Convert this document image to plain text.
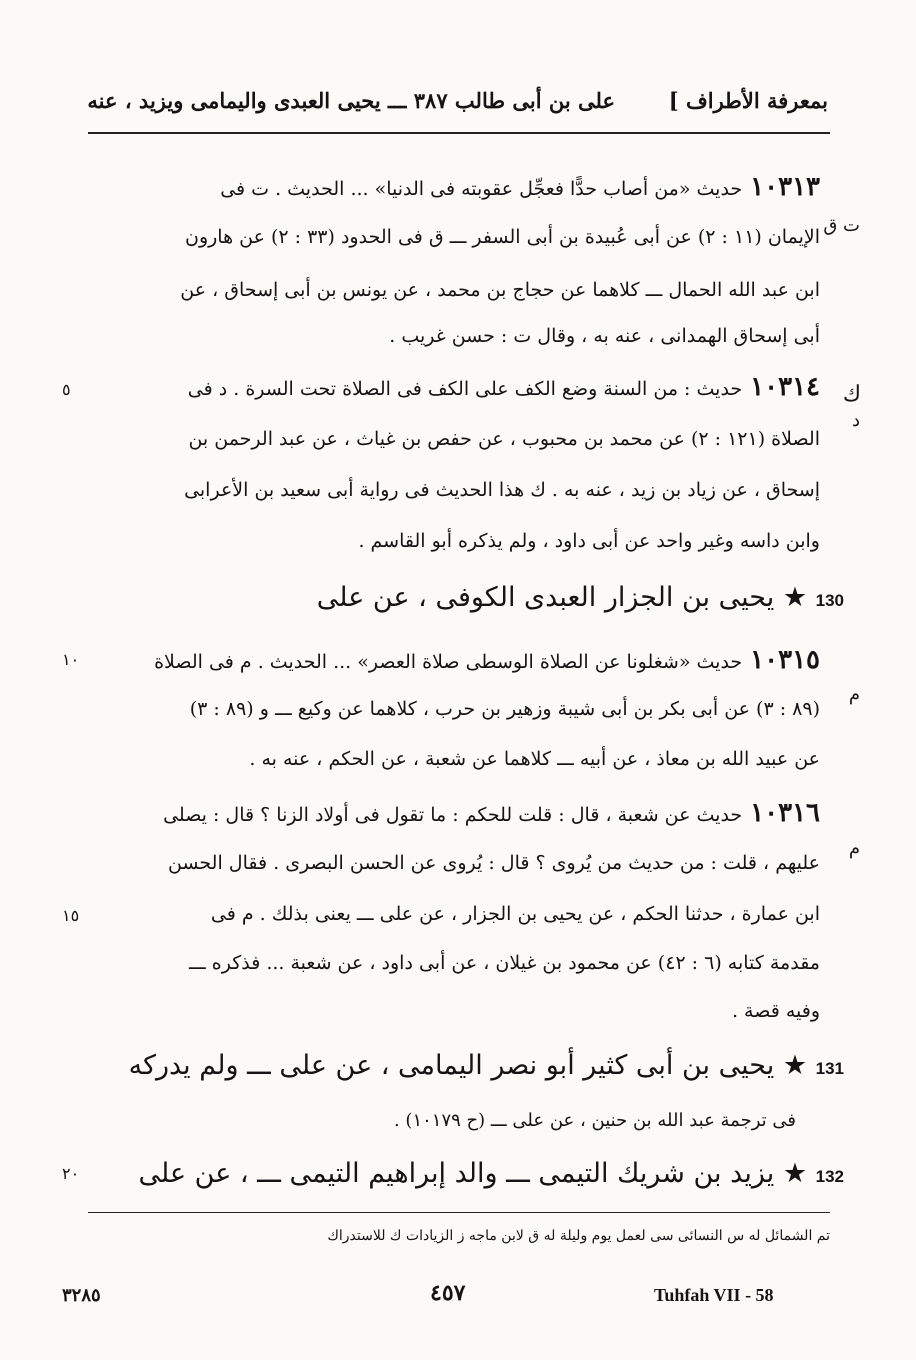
على بن أبى طالب ٣٨٧ ـــ يحيى العبدى واليمامى ويزيد ، عنه	بمعرفة الأطراف ]
١٠٣١٣حديث «من أصاب حدًّا فعجِّل عقوبته فى الدنيا» ... الحديث . ت فى
ت ق
الإيمان (١١ : ٢) عن أبى عُبيدة بن أبى السفر ـــ ق فى الحدود (٣٣ : ٢) عن هارون
ابن عبد الله الحمال ـــ كلاهما عن حجاج بن محمد ، عن يونس بن أبى إسحاق ، عن
أبى إسحاق الهمدانى ، عنه به ، وقال ت : حسن غريب .
ك
١٠٣١٤حديث : من السنة وضع الكف على الكف فى الصلاة تحت السرة . د فى
٥
د
الصلاة (١٢١ : ٢) عن محمد بن محبوب ، عن حفص بن غياث ، عن عبد الرحمن بن
إسحاق ، عن زياد بن زيد ، عنه به . ك هذا الحديث فى رواية أبى سعيد بن الأعرابى
وابن داسه وغير واحد عن أبى داود ، ولم يذكره أبو القاسم .
130 ★ يحيى بن الجزار العبدى الكوفى ، عن على
١٠٣١٥حديث «شغلونا عن الصلاة الوسطى صلاة العصر» ... الحديث . م فى الصلاة
١٠
م
(٨٩ : ٣) عن أبى بكر بن أبى شيبة وزهير بن حرب ، كلاهما عن وكيع ـــ و (٨٩ : ٣)
عن عبيد الله بن معاذ ، عن أبيه ـــ كلاهما عن شعبة ، عن الحكم ، عنه به .
١٠٣١٦حديث عن شعبة ، قال : قلت للحكم : ما تقول فى أولاد الزنا ؟ قال : يصلى
م
عليهم ، قلت : من حديث من يُروى ؟ قال : يُروى عن الحسن البصرى . فقال الحسن
ابن عمارة ، حدثنا الحكم ، عن يحيى بن الجزار ، عن على ـــ يعنى بذلك . م فى
١٥
مقدمة كتابه (٦ : ٤٢) عن محمود بن غيلان ، عن أبى داود ، عن شعبة ... فذكره ـــ
وفيه قصة .
131 ★ يحيى بن أبى كثير أبو نصر اليمامى ، عن على ـــ ولم يدركه
فى ترجمة عبد الله بن حنين ، عن على ـــ (ح ١٠١٧٩) .
٢٠	132 ★ يزيد بن شريك التيمى ـــ والد إبراهيم التيمى ـــ ، عن على
تم الشمائل له س النسائى سى لعمل يوم وليلة له ق لابن ماجه ز الزيادات ك للاستدراك
٣٢٨٥	٤٥٧	Tuhfah VII - 58
